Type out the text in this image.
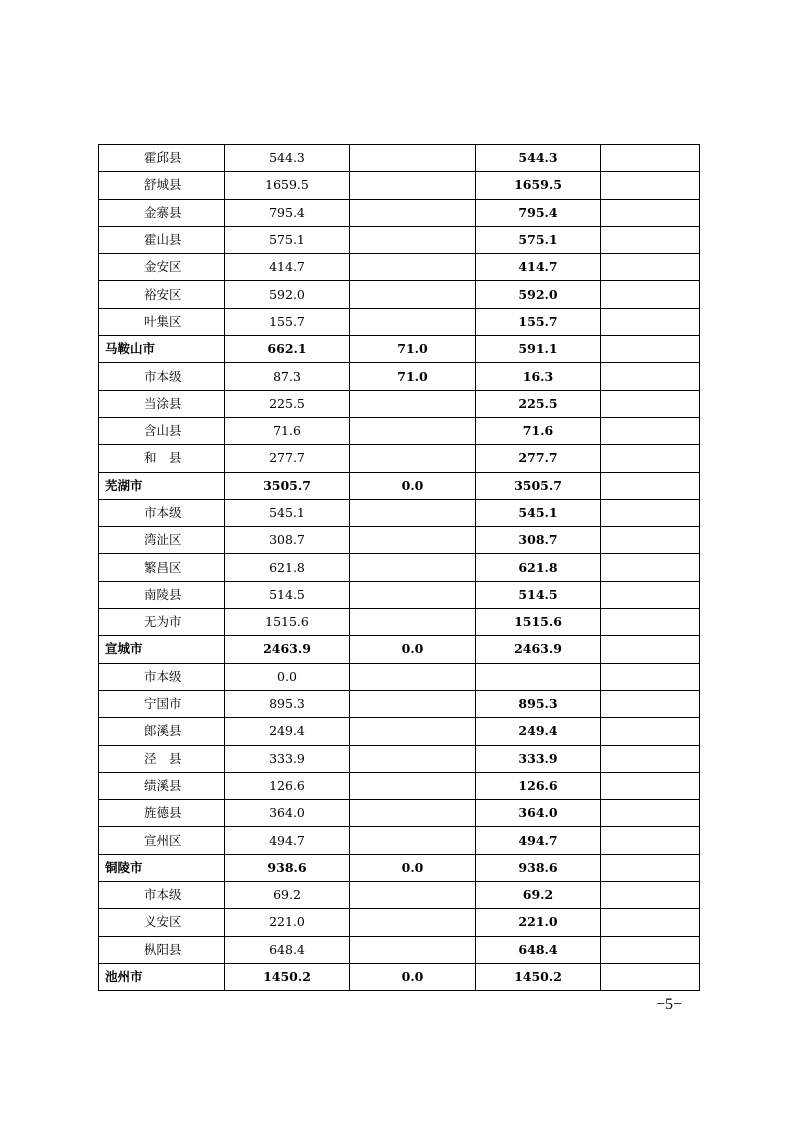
霍邱县	544.3		544.3	
舒城县	1659.5		1659.5	
金寨县	795.4		795.4	
霍山县	575.1		575.1	
金安区	414.7		414.7	
裕安区	592.0		592.0	
叶集区	155.7		155.7	
马鞍山市	662.1	71.0	591.1	
市本级	87.3	71.0	16.3	
当涂县	225.5		225.5	
含山县	71.6		71.6	
和　县	277.7		277.7	
芜湖市	3505.7	0.0	3505.7	
市本级	545.1		545.1	
湾沚区	308.7		308.7	
繁昌区	621.8		621.8	
南陵县	514.5		514.5	
无为市	1515.6		1515.6	
宣城市	2463.9	0.0	2463.9	
市本级	0.0			
宁国市	895.3		895.3	
郎溪县	249.4		249.4	
泾　县	333.9		333.9	
绩溪县	126.6		126.6	
旌德县	364.0		364.0	
宣州区	494.7		494.7	
铜陵市	938.6	0.0	938.6	
市本级	69.2		69.2	
义安区	221.0		221.0	
枞阳县	648.4		648.4	
池州市	1450.2	0.0	1450.2	
−5−
